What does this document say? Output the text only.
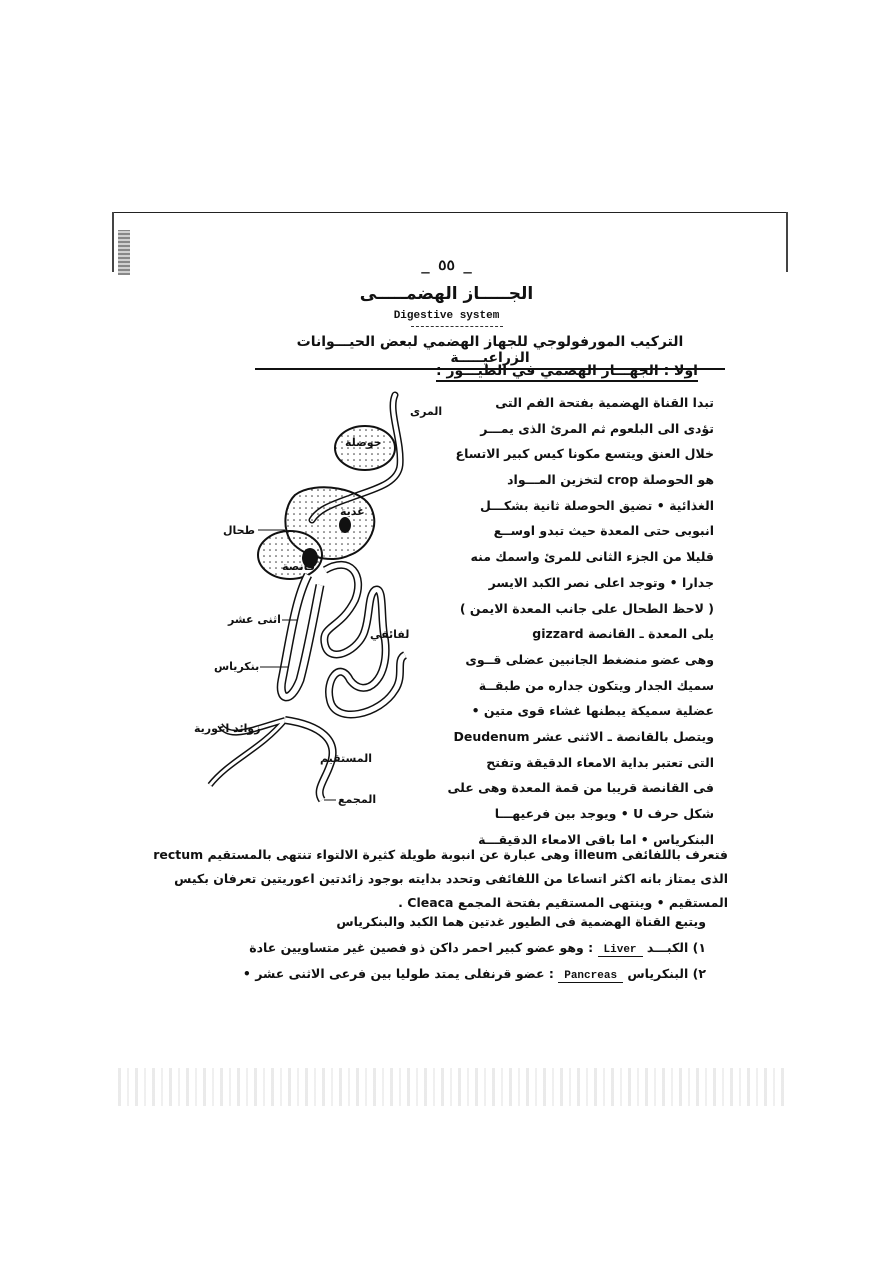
_ ٥٥ _
الجـــــاز الهضمـــــى
Digestive system
التركيب المورفولوجي للجهاز الهضمي لبعض الحيـــوانات الزراعيـــــة
اولا : الجهـــاز الهضمي في الطيـــور :
المرى
حوصلة
طحال
غدية
قانصة
اثنى عشر
لفائفي
بنكرياس
زوائد اعورية
المستقيم
المجمع
تبدا القناة الهضمية بفتحة الفم التى
تؤدى الى البلعوم ثم المرئ الذى يمـــر
خلال العنق ويتسع مكونا كيس كبير الاتساع
هو الحوصلة crop لتخزين المـــواد
الغذائية • تضيق الحوصلة ثانية بشكـــل
انبوبى حتى المعدة حيث تبدو اوســع
قليلا من الجزء الثانى للمرئ واسمك منه
جدارا • وتوجد اعلى نصر الكبد الايسر
( لاحظ الطحال على جانب المعدة الايمن )
يلى المعدة ـ القانصة gizzard
وهى عضو منضغط الجانبين عضلى قــوى
سميك الجدار ويتكون جداره من طبقــة
عضلية سميكة يبطنها غشاء قوى متين •
ويتصل بالقانصة ـ الاثنى عشر Deudenum
التى تعتبر بداية الامعاء الدقيقة وتفتح
فى القانصة قريبا من قمة المعدة وهى على
شكل حرف U • ويوجد بين فرعيهـــا
البنكرياس • اما باقى الامعاء الدقيقـــة
فتعرف باللفائفى illeum وهى عبارة عن انبوبة طويلة كثيرة الالتواء تنتهى بالمستقيم rectum
الذى يمتاز بانه اكثر اتساعا من اللفائفى وتحدد بدايته بوجود زائدتين اعوريتين تعرفان بكيس
المستقيم • وينتهى المستقيم بفتحة المجمع Cleaca .
ويتبع القناة الهضمية فى الطيور غدتين هما الكبد والبنكرياس
١) الكبـــد Liver : وهو عضو كبير احمر داكن ذو فصين غير متساويين عادة
٢) البنكرياس Pancreas : عضو قرنفلى يمتد طوليا بين فرعى الاثنى عشر •
